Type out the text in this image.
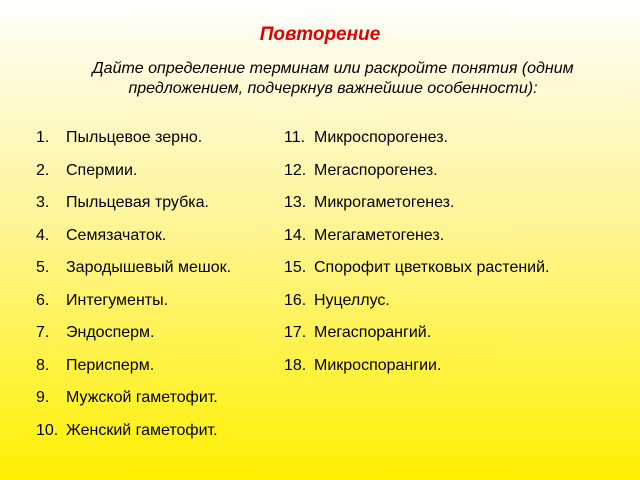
Повторение
Дайте определение терминам или раскройте понятия (одним предложением, подчеркнув важнейшие особенности):
1. Пыльцевое зерно.
2. Спермии.
3. Пыльцевая трубка.
4. Семязачаток.
5. Зародышевый мешок.
6. Интегументы.
7. Эндосперм.
8. Перисперм.
9. Мужской гаметофит.
10. Женский гаметофит.
11. Микроспорогенез.
12. Мегаспорогенез.
13. Микрогаметогенез.
14. Мегагаметогенез.
15. Спорофит цветковых растений.
16. Нуцеллус.
17. Мегаспорангий.
18. Микроспорангии.
